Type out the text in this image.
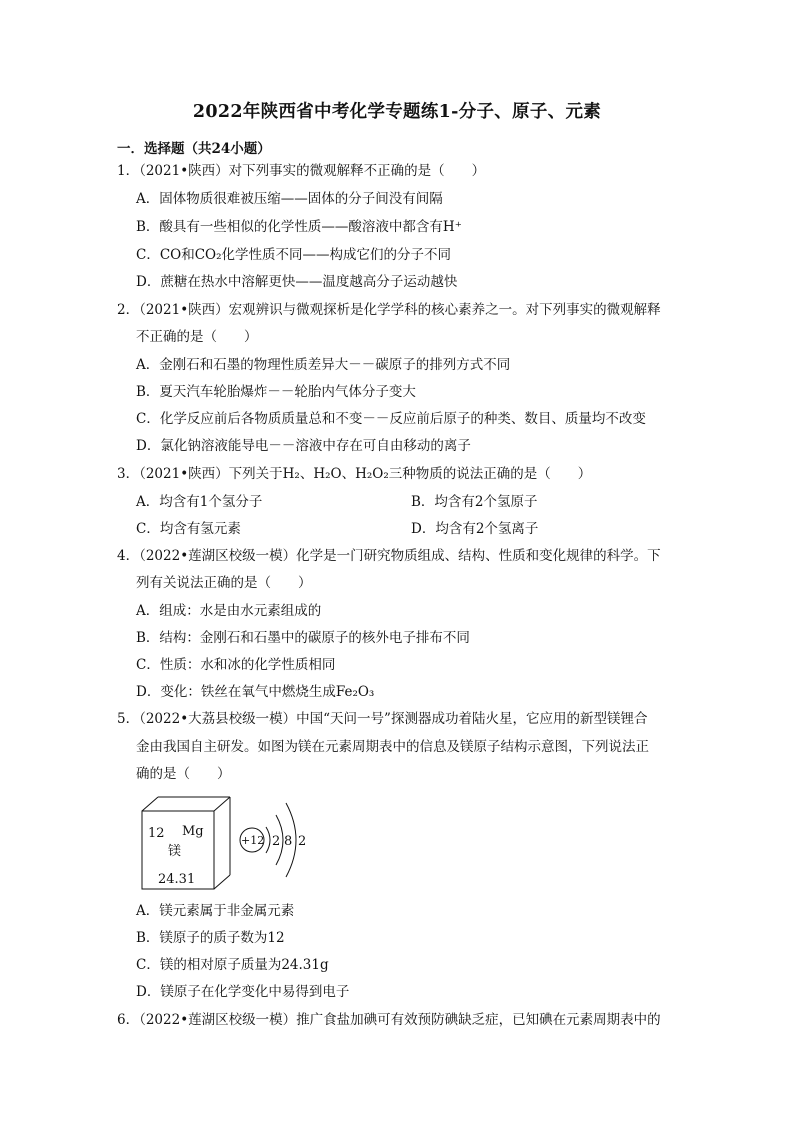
2022年陕西省中考化学专题练1-分子、原子、元素
一．选择题（共24小题）
1．（2021•陕西）对下列事实的微观解释不正确的是（　　）
A．固体物质很难被压缩——固体的分子间没有间隔
B．酸具有一些相似的化学性质——酸溶液中都含有H⁺
C．CO和CO₂化学性质不同——构成它们的分子不同
D．蔗糖在热水中溶解更快——温度越高分子运动越快
2．（2021•陕西）宏观辨识与微观探析是化学学科的核心素养之一。对下列事实的微观解释
不正确的是（　　）
A．金刚石和石墨的物理性质差异大－－碳原子的排列方式不同
B．夏天汽车轮胎爆炸－－轮胎内气体分子变大
C．化学反应前后各物质质量总和不变－－反应前后原子的种类、数目、质量均不改变
D．氯化钠溶液能导电－－溶液中存在可自由移动的离子
3．（2021•陕西）下列关于H₂、H₂O、H₂O₂三种物质的说法正确的是（　　）
A．均含有1个氢分子	B．均含有2个氢原子
C．均含有氢元素	D．均含有2个氢离子
4．（2022•莲湖区校级一模）化学是一门研究物质组成、结构、性质和变化规律的科学。下
列有关说法正确的是（　　）
A．组成：水是由水元素组成的
B．结构：金刚石和石墨中的碳原子的核外电子排布不同
C．性质：水和冰的化学性质相同
D．变化：铁丝在氧气中燃烧生成Fe₂O₃
5．（2022•大荔县校级一模）中国“天问一号”探测器成功着陆火星，它应用的新型镁锂合
金由我国自主研发。如图为镁在元素周期表中的信息及镁原子结构示意图，下列说法正
确的是（　　）
12 Mg
镁
24.31
+12 2 8 2
A．镁元素属于非金属元素
B．镁原子的质子数为12
C．镁的相对原子质量为24.31g
D．镁原子在化学变化中易得到电子
6．（2022•莲湖区校级一模）推广食盐加碘可有效预防碘缺乏症，已知碘在元素周期表中的
